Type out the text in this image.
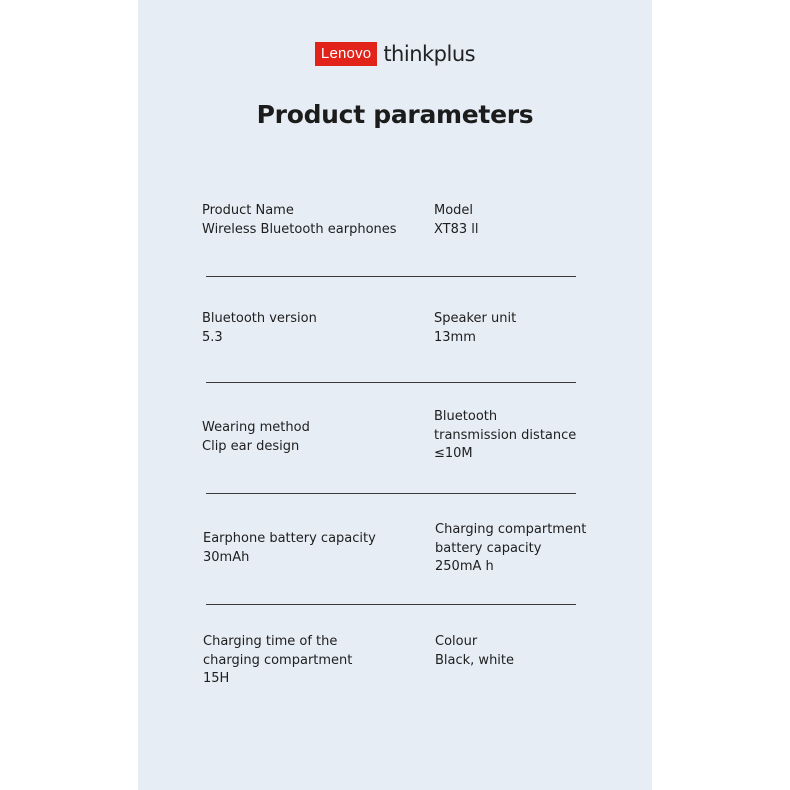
Lenovo thinkplus
Product parameters
Product Name
Wireless Bluetooth earphones
Model
XT83 ll
Bluetooth version
5.3
Speaker unit
13mm
Wearing method
Clip ear design
Bluetooth
transmission distance
≤10M
Earphone battery capacity
30mAh
Charging compartment
battery capacity
250mA h
Charging time of the
charging compartment
15H
Colour
Black, white
